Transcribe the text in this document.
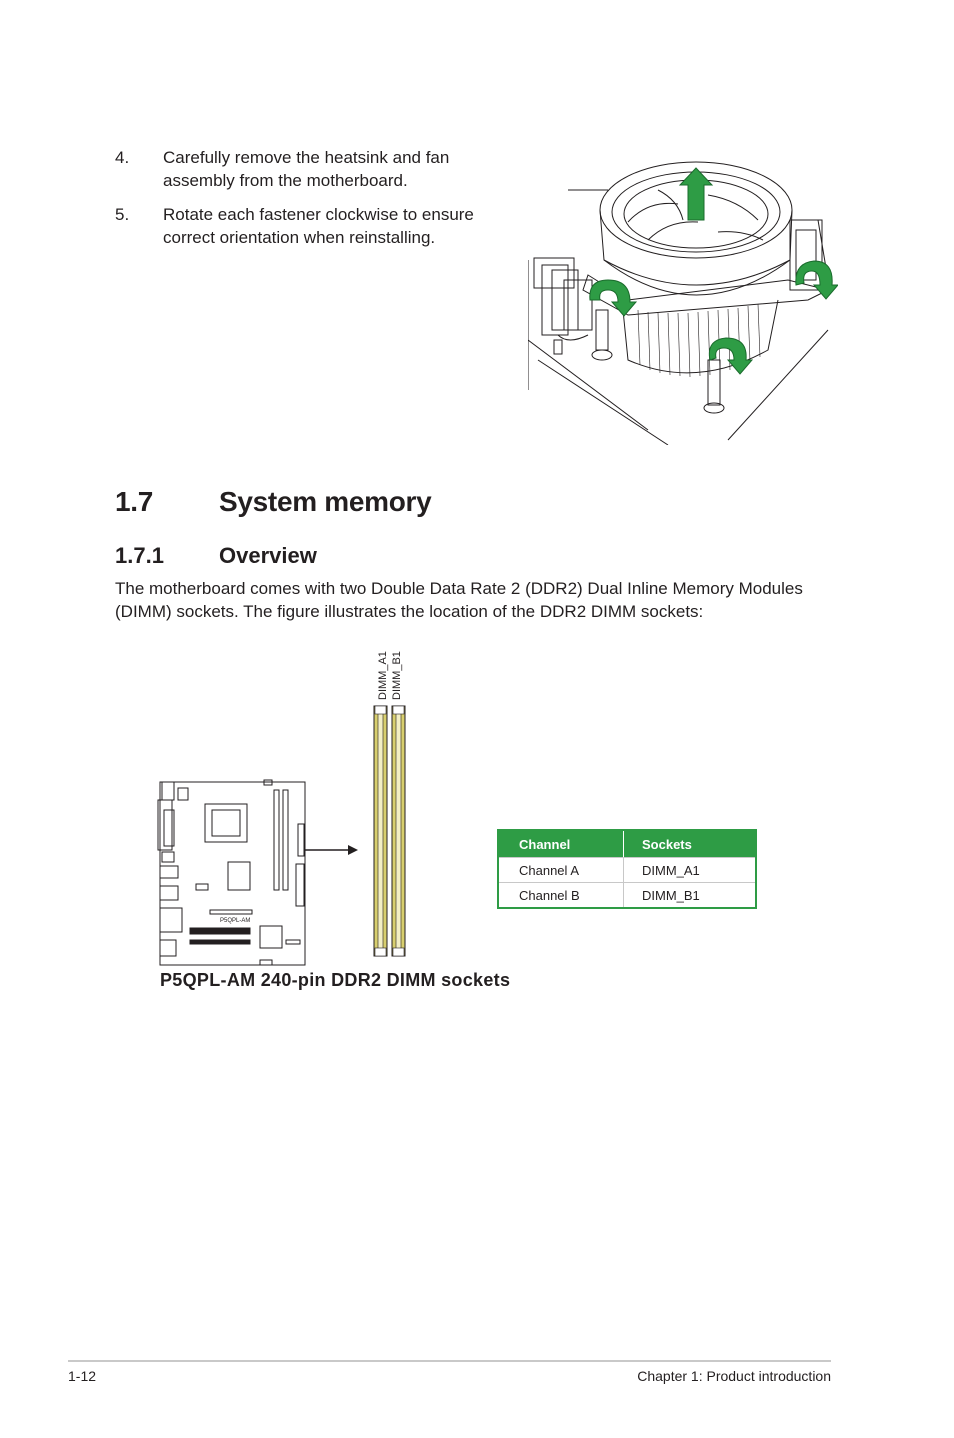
4. Carefully remove the heatsink and fan assembly from the motherboard.
5. Rotate each fastener clockwise to ensure correct orientation when reinstalling.
1.7 System memory
1.7.1	Overview
The motherboard comes with two Double Data Rate 2 (DDR2) Dual Inline Memory Modules (DIMM) sockets. The figure illustrates the location of the DDR2 DIMM sockets:
DIMM_A1 DIMM_B1
P5QPL-AM
P5QPL-AM 240-pin DDR2 DIMM sockets
Channel	Sockets
Channel A	DIMM_A1
Channel B	DIMM_B1
1-12	Chapter 1: Product introduction
